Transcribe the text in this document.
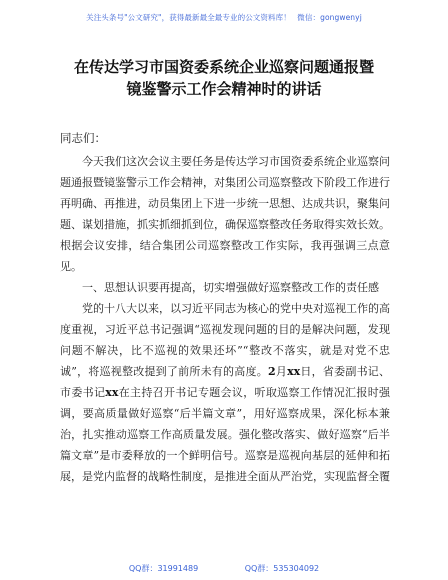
关注头条号"公文研究"，获得最新最全最专业的公文资料库！ 微信：gongwenyj
在传达学习市国资委系统企业巡察问题通报暨
镜鉴警示工作会精神时的讲话
同志们：

今天我们这次会议主要任务是传达学习市国资委系统企业巡察问题通报暨镜鉴警示工作会精神，对集团公司巡察整改下阶段工作进行再明确、再推进，动员集团上下进一步统一思想、达成共识，聚集问题、谋划措施，抓实抓细抓到位，确保巡察整改任务取得实效长效。根据会议安排，结合集团公司巡察整改工作实际，我再强调三点意见。

一、思想认识要再提高，切实增强做好巡察整改工作的责任感

党的十八大以来，以习近平同志为核心的党中央对巡视工作的高度重视，习近平总书记强调“巡视发现问题的目的是解决问题，发现问题不解决，比不巡视的效果还坏”“整改不落实，就是对党不忠诚”，将巡视整改提到了前所未有的高度。2月xx日，省委副书记、市委书记xx在主持召开书记专题会议，听取巡察工作情况汇报时强调，要高质量做好巡察“后半篇文章”，用好巡察成果，深化标本兼治，扎实推动巡察工作高质量发展。强化整改落实、做好巡察“后半篇文章”是市委释放的一个鲜明信号。巡察是巡视向基层的延伸和拓展，是党内监督的战略性制度，是推进全面从严治党，实现监督全覆

QQ群：31991489	QQ群：535304092
